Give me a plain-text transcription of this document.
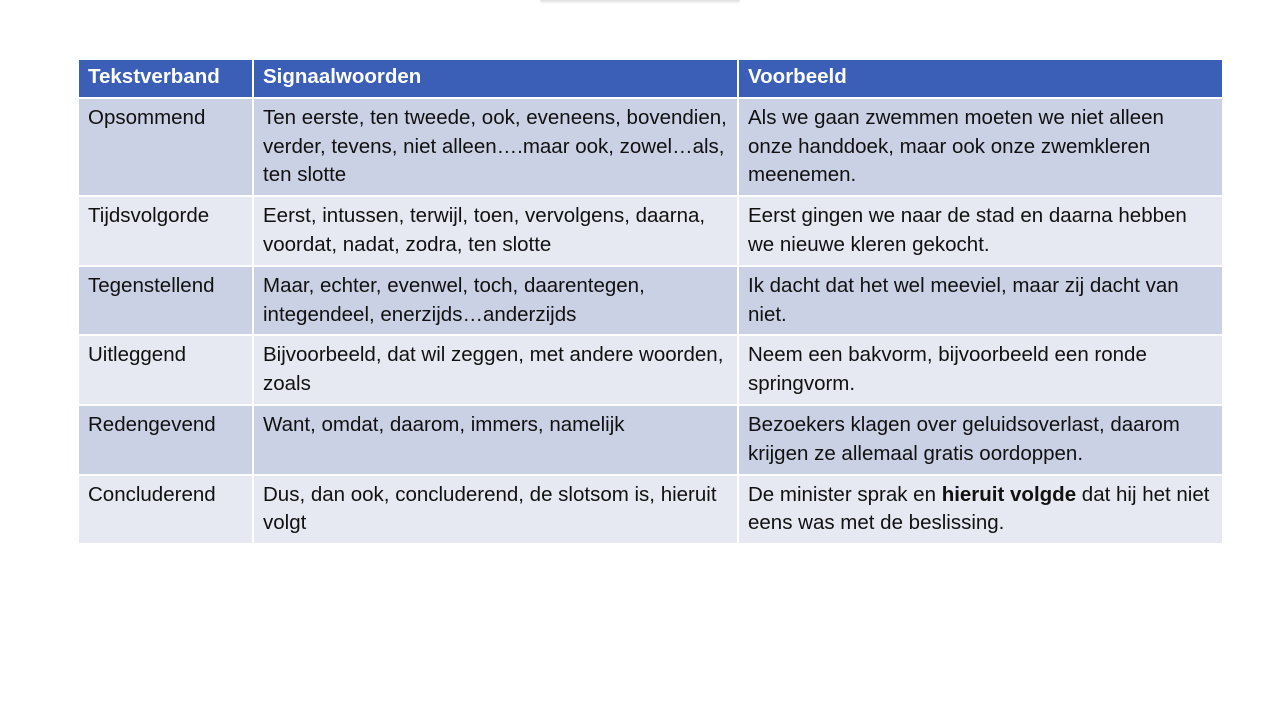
Tekstverband	Signaalwoorden	Voorbeeld
Opsommend	Ten eerste, ten tweede, ook, eveneens, bovendien, verder, tevens, niet alleen….maar ook, zowel…als, ten slotte	Als we gaan zwemmen moeten we niet alleen onze handdoek, maar ook onze zwemkleren meenemen.
Tijdsvolgorde	Eerst, intussen, terwijl, toen, vervolgens, daarna, voordat, nadat, zodra, ten slotte	Eerst gingen we naar de stad en daarna hebben we nieuwe kleren gekocht.
Tegenstellend	Maar, echter, evenwel, toch, daarentegen, integendeel, enerzijds…anderzijds	Ik dacht dat het wel meeviel, maar zij dacht van niet.
Uitleggend	Bijvoorbeeld, dat wil zeggen, met andere woorden, zoals	Neem een bakvorm, bijvoorbeeld een ronde springvorm.
Redengevend	Want, omdat, daarom, immers, namelijk	Bezoekers klagen over geluidsoverlast, daarom krijgen ze allemaal gratis oordoppen.
Concluderend	Dus, dan ook, concluderend, de slotsom is, hieruit volgt	De minister sprak en hieruit volgde dat hij het niet eens was met de beslissing.
